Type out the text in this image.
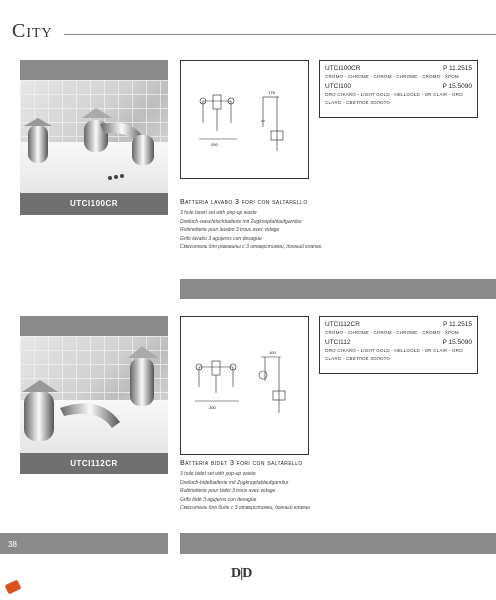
City
UTCI100CR
200
175
UTCI100CR	P 11.2515
CROMO - CHROME - CHROM - CHROME - CROMO - ХРОМ
UTCI100	P 15.5090
ORO CHIARO - LIGHT GOLD - HELLGOLD - OR CLAIR - ORO CLARO - СВЕТЛОЕ ЗОЛОТО
Batteria lavabo 3 fori con saltarello
3 hole basin set with pop-up waste
Dreiloch-waschtischbatterie mit Zugknopfablaufgarnitur
Robinetterie pour lavabo 3 trous avec vidage
Grifo lavabo 3 agujeros con desagüe
Смеситель для раковины с 3 отверстиями, донный клапан
UTCI112CR
200
100
UTCI112CR	P 11.2515
CROMO - CHROME - CHROM - CHROME - CROMO - ХРОМ
UTCI112	P 15.5090
ORO CHIARO - LIGHT GOLD - HELLGOLD - OR CLAIR - ORO CLARO - СВЕТЛОЕ ЗОЛОТО
Batteria bidet 3 fori con saltarello
3 hole bidet set with pop-up waste
Dreiloch-bidetbatterie mit Zugknopfablaufgarnitur
Robinetterie pour bidet 3 trous avec vidage
Grifo bidé 3 agujeros con desagüe
Смеситель для биде с 3 отверстиями, донный клапан
38
D|D
